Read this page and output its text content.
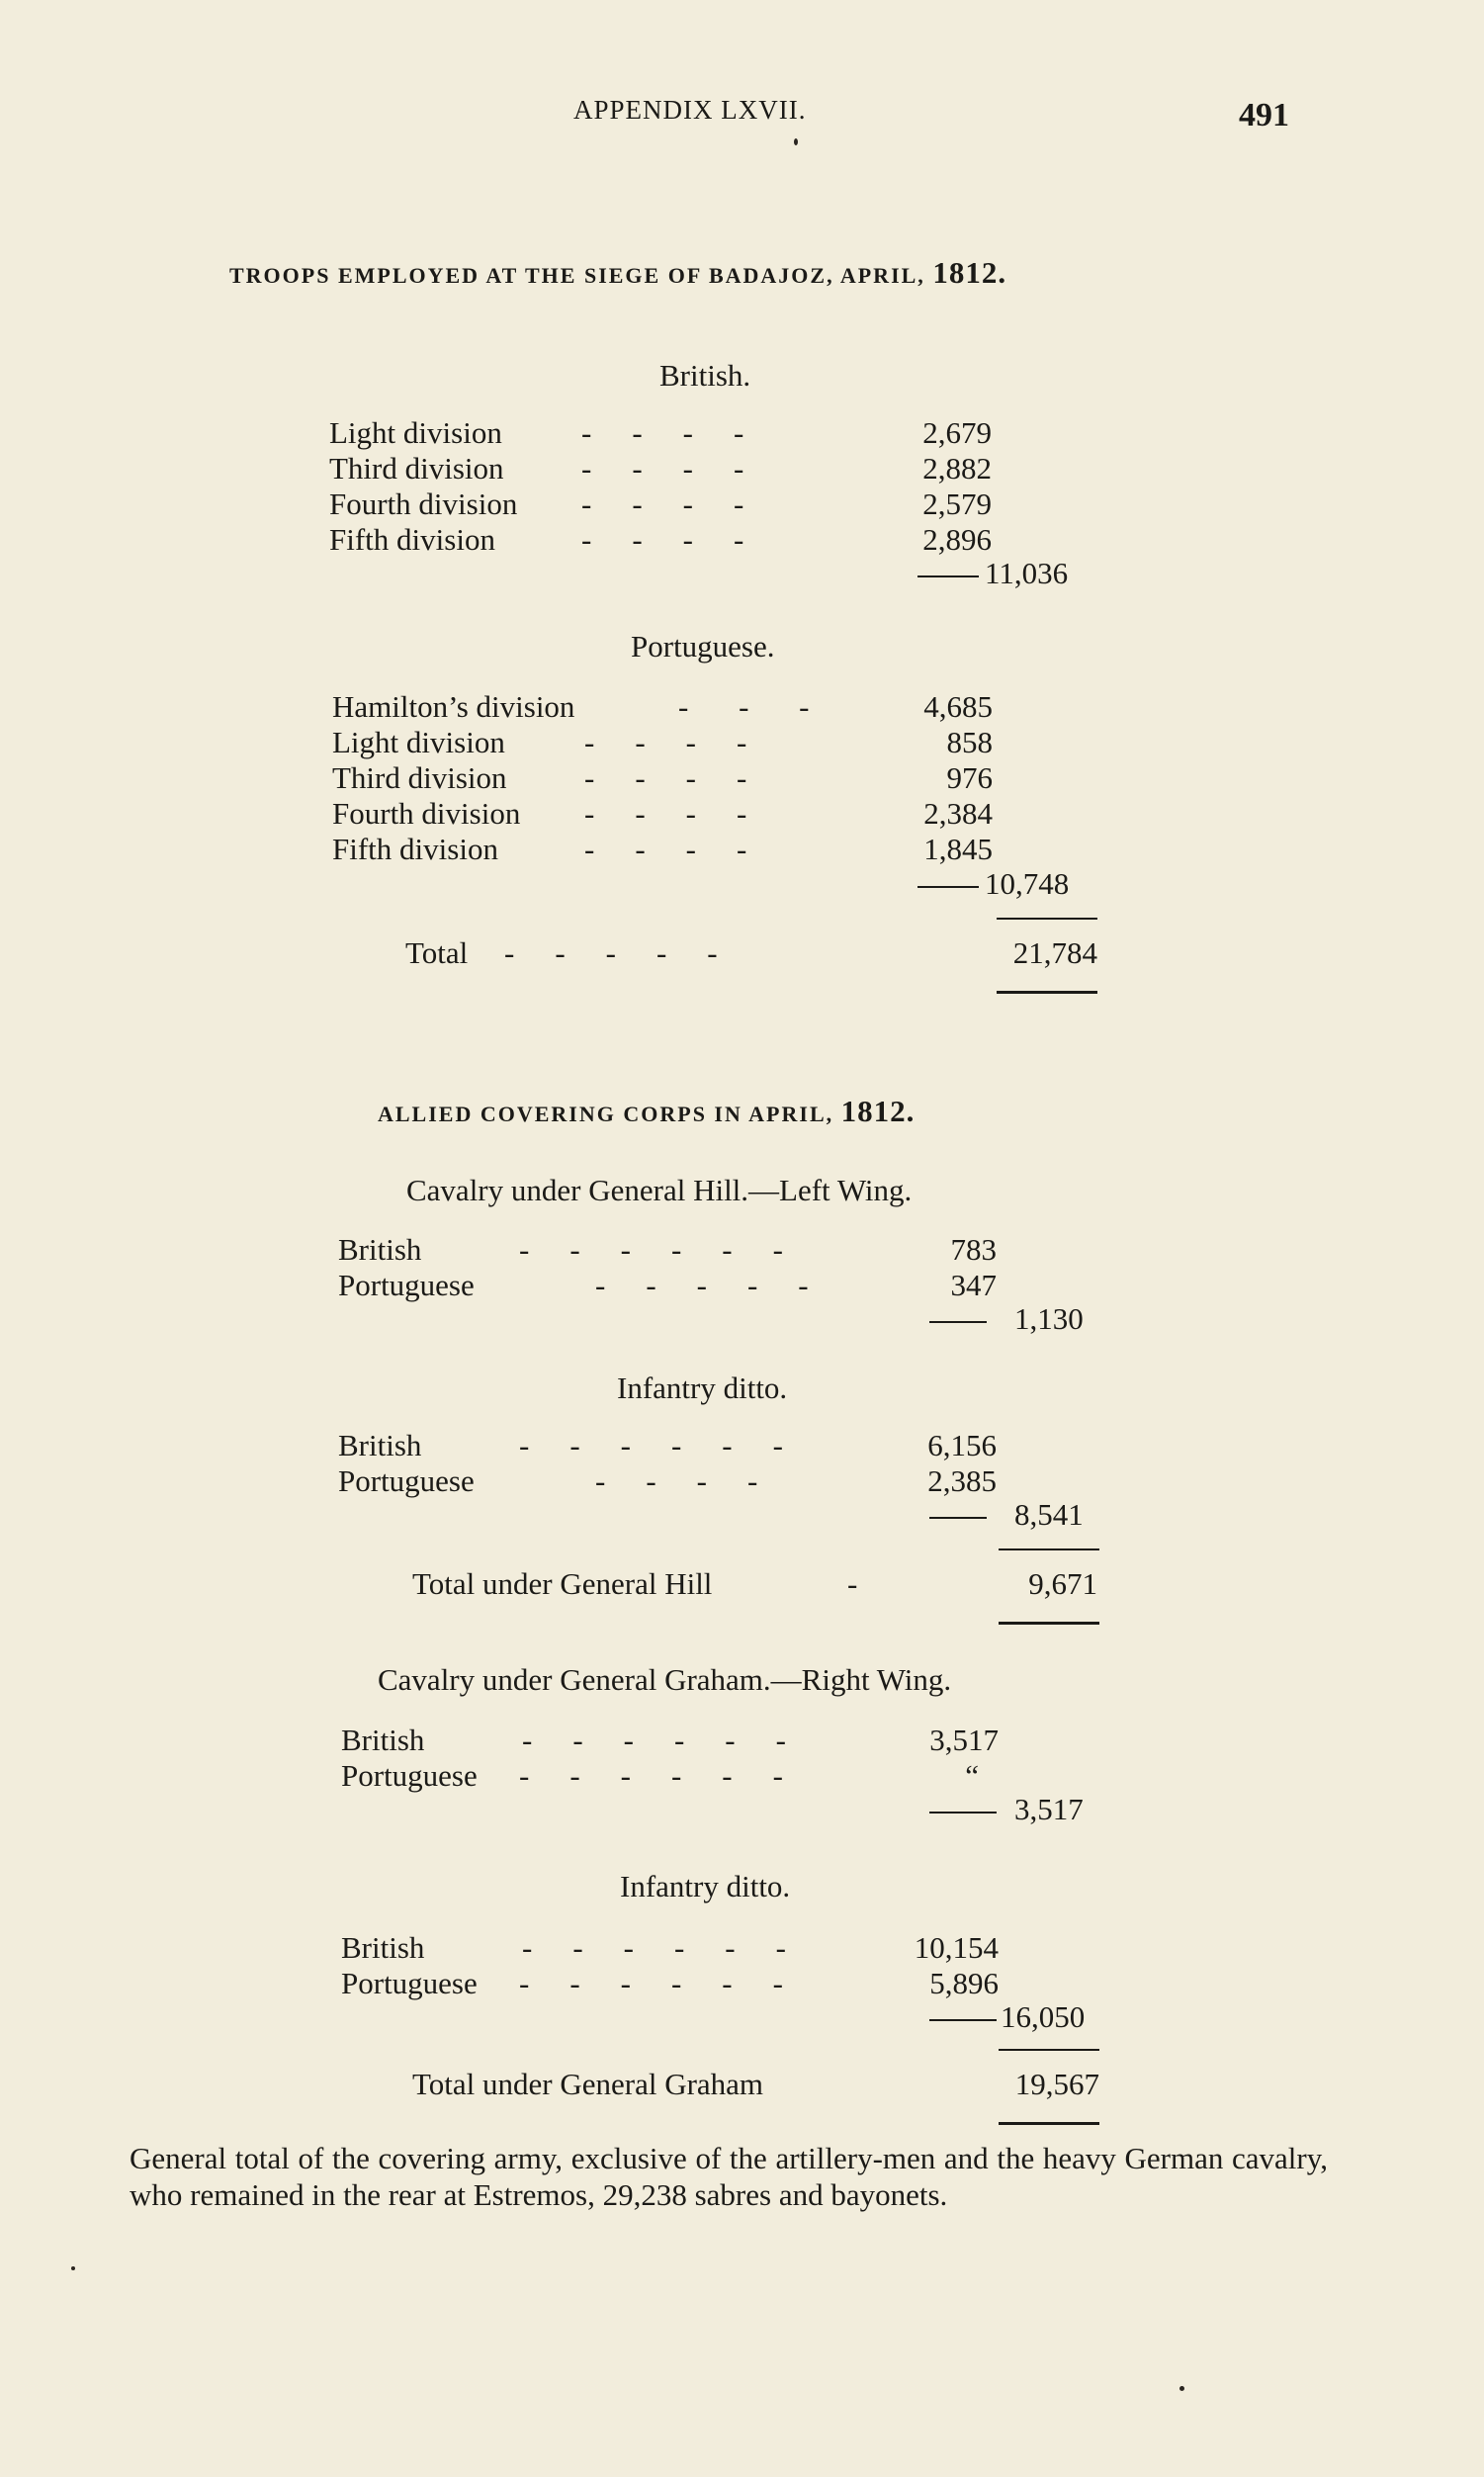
APPENDIX LXVII.	491
TROOPS EMPLOYED AT THE SIEGE OF BADAJOZ, APRIL, 1812.
British.
Light division	-    -    -    -	2,679
Third division	-    -    -    -	2,882
Fourth division -    -    -    -	2,579
Fifth division	-    -    -    -	2,896
11,036
Portuguese.
Hamilton’s division	-     -     -	4,685
Light division	-    -    -    -	858
Third division	-    -    -    -	976
Fourth division -    -    -    -	2,384
Fifth division	-    -    -    -	1,845
10,748
Total -    -    -    -    -	21,784
ALLIED COVERING CORPS IN APRIL, 1812.
Cavalry under General Hill.—Left Wing.
British	-    -    -    -    -    -	783
Portuguese	-    -    -    -    -	347
1,130
Infantry ditto.
British	-    -    -    -    -    -	6,156
Portuguese	-    -    -    -	2,385
8,541
Total under General Hill	-	9,671
Cavalry under General Graham.—Right Wing.
British	-    -    -    -    -    -	3,517
Portuguese -    -    -    -    -    -	“
3,517
Infantry ditto.
British	-    -    -    -    -    -	10,154
Portuguese -    -    -    -    -    -	5,896
16,050
Total under General Graham	19,567
General total of the covering army, exclusive of the artillery-men and the heavy German cavalry, who remained in the rear at Estremos, 29,238 sabres and bayonets.
